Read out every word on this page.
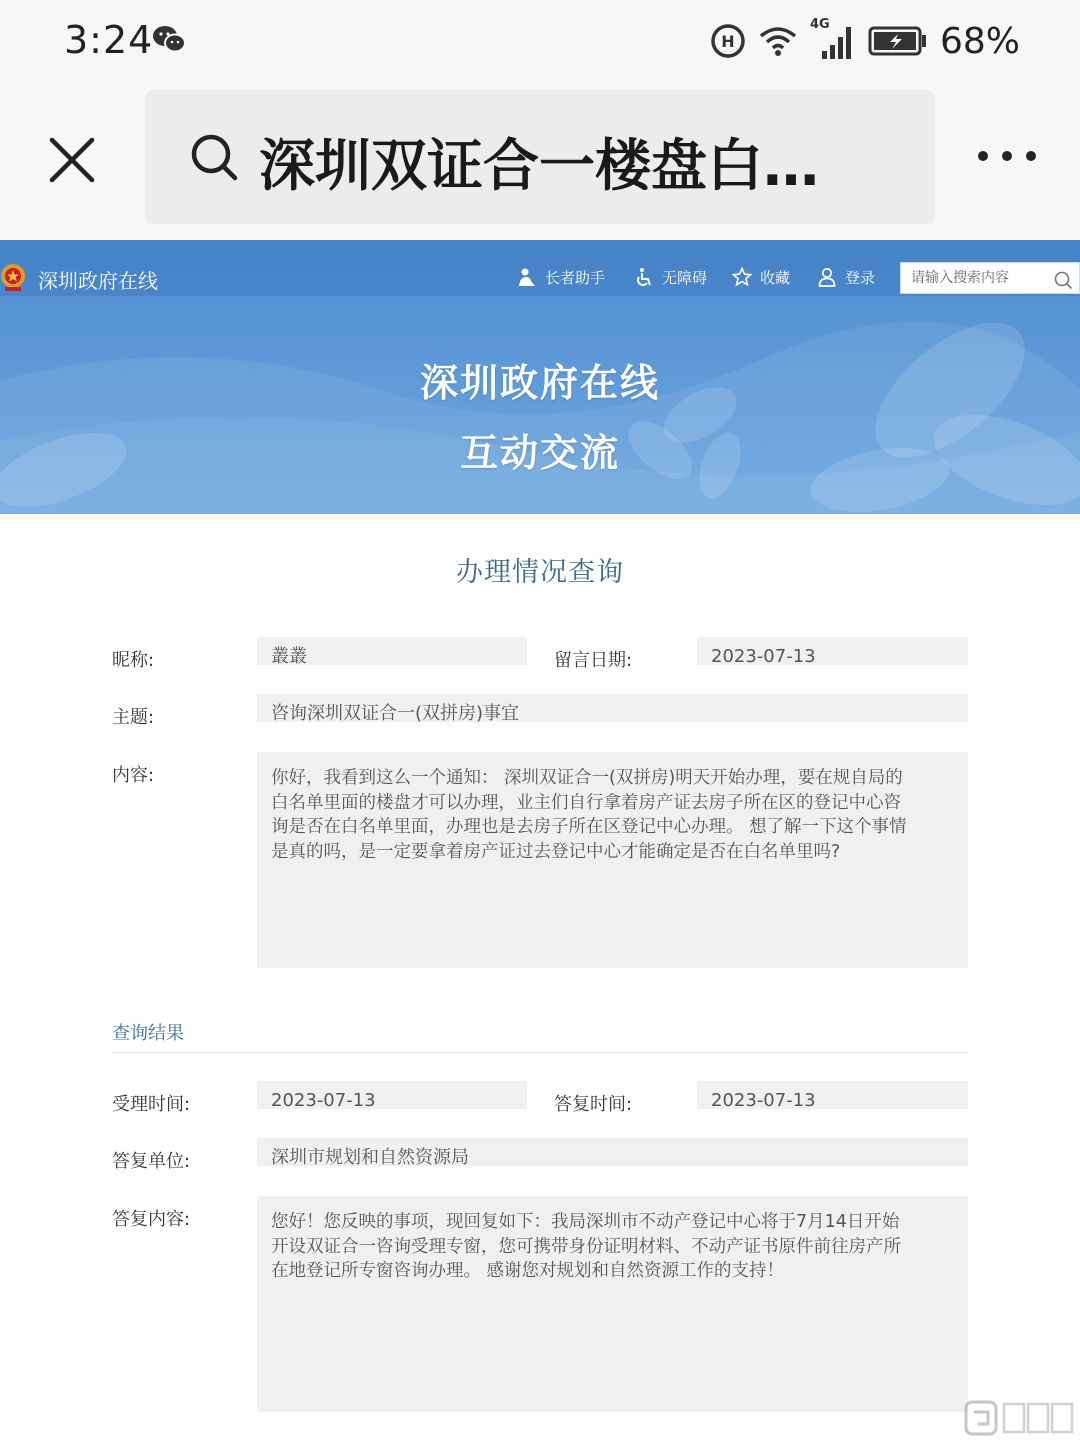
3:24	H
4G	68%
深圳双证合一楼盘白…
深圳政府在线	长者助手	无障碍	收藏	登录
请输入搜索内容
深圳政府在线
互动交流
办理情况查询
昵称:	叢叢	留言日期:	2023-07-13
主题:	咨询深圳双证合一(双拼房)事宜
内容:	你好，我看到这么一个通知： 深圳双证合一(双拼房)明天开始办理，要在规自局的
白名单里面的楼盘才可以办理，业主们自行拿着房产证去房子所在区的登记中心咨
询是否在白名单里面，办理也是去房子所在区登记中心办理。 想了解一下这个事情
是真的吗，是一定要拿着房产证过去登记中心才能确定是否在白名单里吗?
查询结果
受理时间:	2023-07-13	答复时间:	2023-07-13
答复单位:	深圳市规划和自然资源局
答复内容:	您好！您反映的事项，现回复如下：我局深圳市不动产登记中心将于7月14日开始
开设双证合一咨询受理专窗，您可携带身份证明材料、不动产证书原件前往房产所
在地登记所专窗咨询办理。 感谢您对规划和自然资源工作的支持！
